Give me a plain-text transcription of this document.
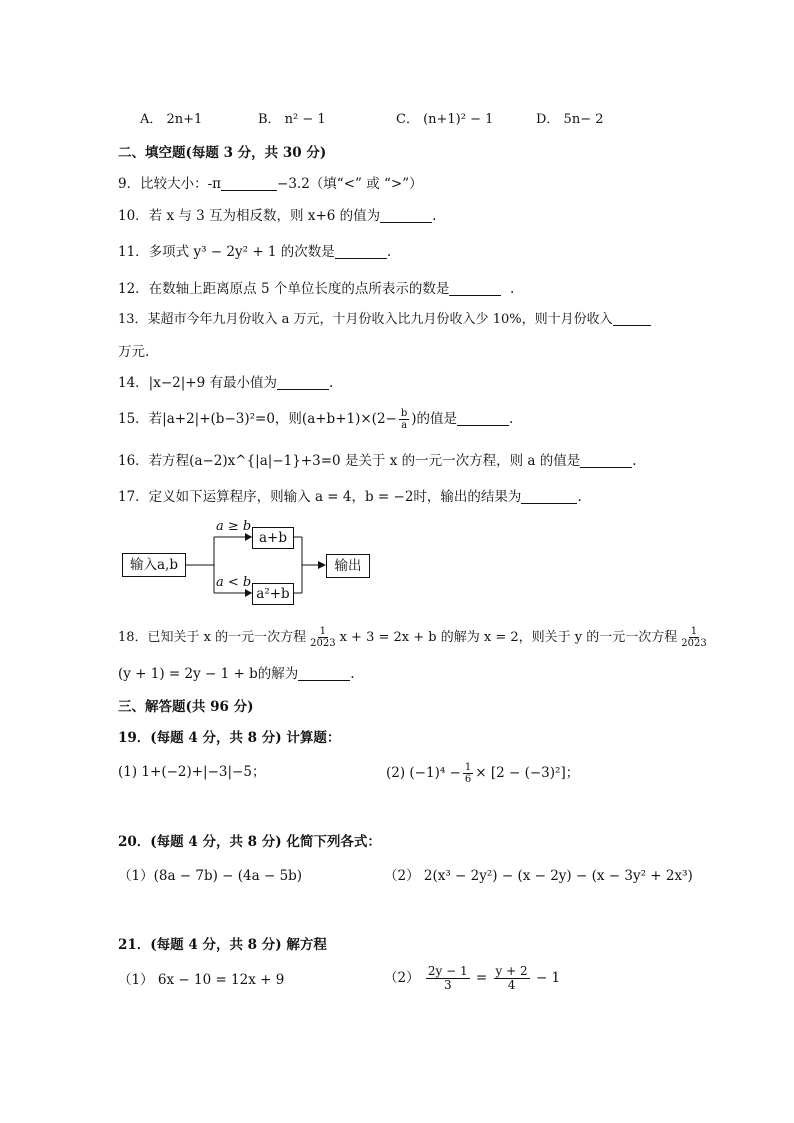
A． 2n+1	B． n² − 1	C． (n+1)² − 1	D． 5n− 2
二、填空题(每题 3 分，共 30 分)
9．比较大小：-π	−3.2（填“<” 或 “>”）
10．若 x 与 3 互为相反数，则 x+6 的值为	.
11．多项式 y³ − 2y² + 1 的次数是	.
12．在数轴上距离原点 5 个单位长度的点所表示的数是	.
13．某超市今年九月份收入 a 万元，十月份收入比九月份收入少 10%，则十月份收入
万元.
14．|x−2|+9 有最小值为	.
15．若|a+2|+(b−3)²=0，则$(a+b+1)\times(2- \frac{b}{a}$ )的值是	.
16．若方程(a−2)x^{|a|−1}+3=0 是关于 x 的一元一次方程，则 a 的值是	.
17．定义如下运算程序，则输入 a = 4，b = −2时，输出的结果为	.
输入a,b
a ≥ b
a+b
a < b
a²+b
输出
18．已知关于 x 的一元一次方程 $\frac{1}{2023}$ x + 3 = 2x + b 的解为 x = 2，则关于 y 的一元一次方程 $\frac{1}{2023}$
(y + 1) = 2y − 1 + b的解为	.
三、解答题(共 96 分)
19．(每题 4 分，共 8 分) 计算题：
(1) 1+(−2)+|−3|−5；	(2) $(-1)^4 - \frac{1}{6} \times [2 - (-3)^2]$；
20．(每题 4 分，共 8 分) 化简下列各式：
（1）(8a − 7b) − (4a − 5b)	（2） 2(x³ − 2y²) − (x − 2y) − (x − 3y² + 2x³)
21．(每题 4 分，共 8 分) 解方程
（1） 6x − 10 = 12x + 9	$(2) \frac{2y - 1}{3} = \frac{y + 2}{4} - 1$
